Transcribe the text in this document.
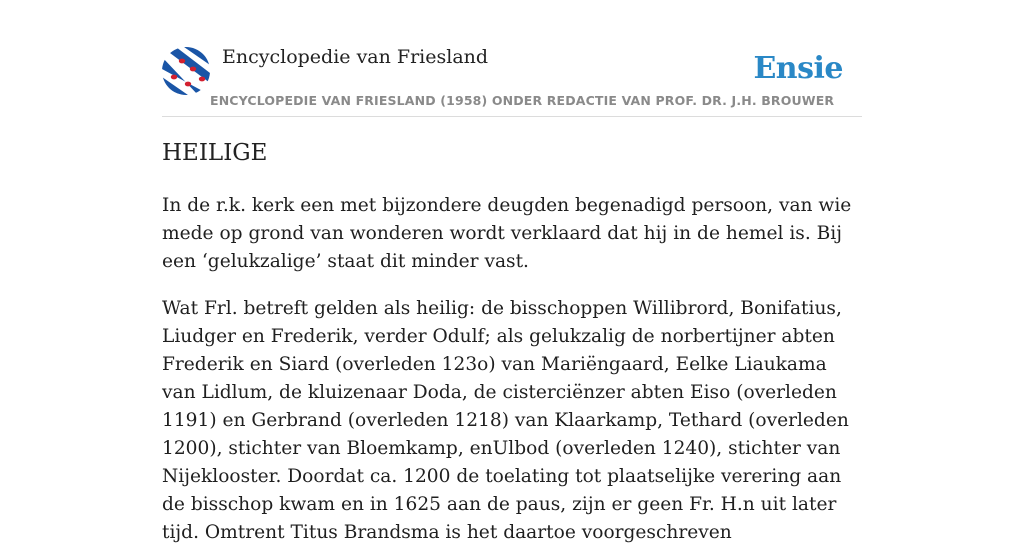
Encyclopedie van Friesland	Ensie
ENCYCLOPEDIE VAN FRIESLAND (1958) ONDER REDACTIE VAN PROF. DR. J.H. BROUWER
HEILIGE

In de r.k. kerk een met bijzondere deugden begenadigd persoon, van wie mede op grond van wonderen wordt verklaard dat hij in de hemel is. Bij een ‘gelukzalige’ staat dit minder vast.

Wat Frl. betreft gelden als heilig: de bisschoppen Willibrord, Bonifatius, Liudger en Frederik, verder Odulf; als gelukzalig de norbertijner abten Frederik en Siard (overleden 123o) van Mariëngaard, Eelke Liaukama van Lidlum, de kluizenaar Doda, de cisterciënzer abten Eiso (overleden 1191) en Gerbrand (overleden 1218) van Klaarkamp, Tethard (overleden 1200), stichter van Bloemkamp, enUlbod (overleden 1240), stichter van Nijeklooster. Doordat ca. 1200 de toelating tot plaatselijke verering aan de bisschop kwam en in 1625 aan de paus, zijn er geen Fr. H.n uit later tijd. Omtrent Titus Brandsma is het daartoe voorgeschreven
